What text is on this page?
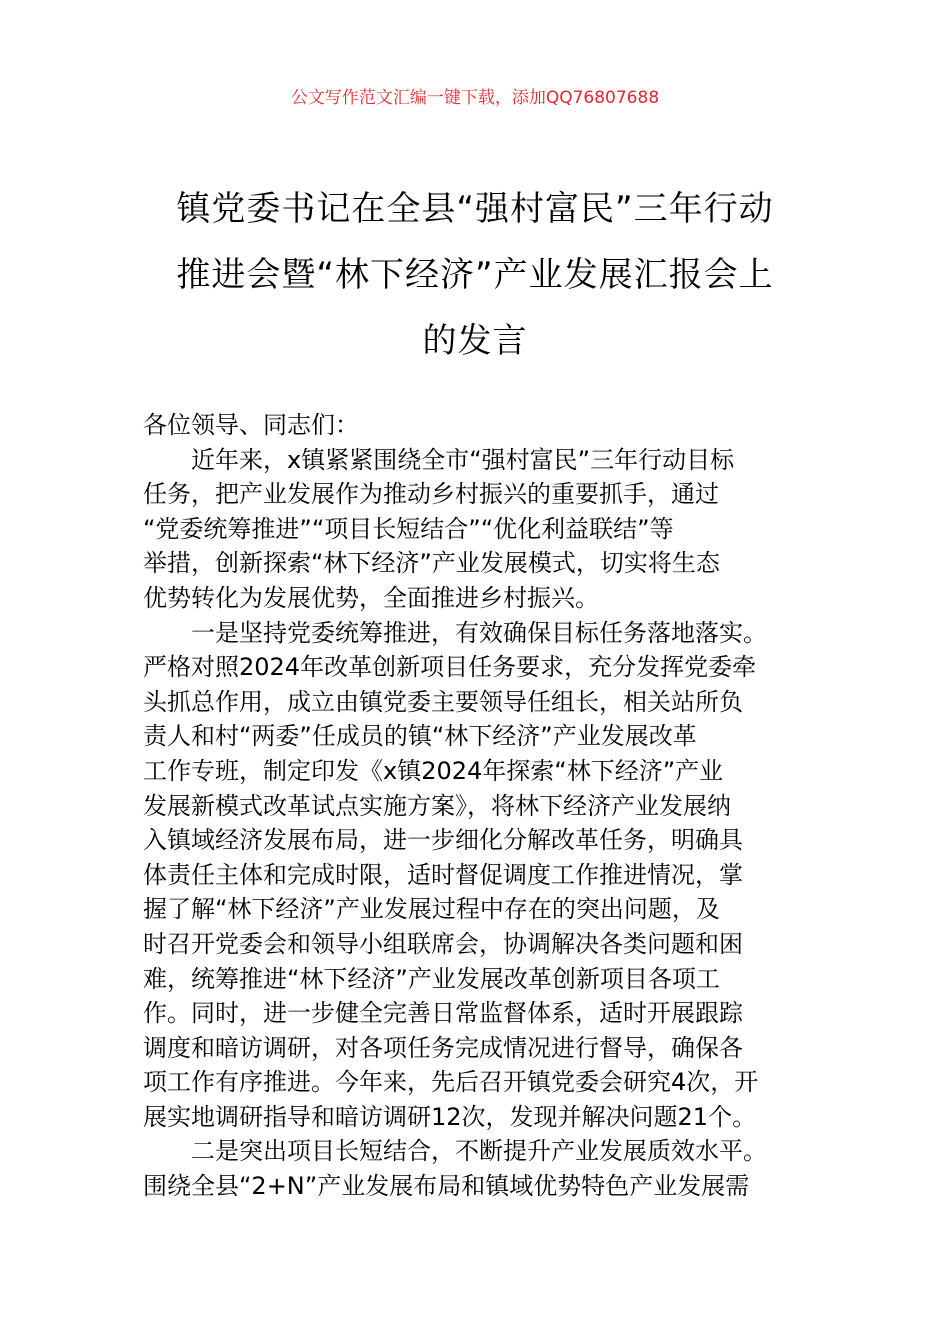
公文写作范文汇编一键下载，添加QQ76807688
镇党委书记在全县“强村富民”三年行动
推进会暨“林下经济”产业发展汇报会上
的发言

各位领导、同志们：

近年来，x镇紧紧围绕全市“强村富民”三年行动目标
任务，把产业发展作为推动乡村振兴的重要抓手，通过
“党委统筹推进”“项目长短结合”“优化利益联结”等
举措，创新探索“林下经济”产业发展模式，切实将生态
优势转化为发展优势，全面推进乡村振兴。

一是坚持党委统筹推进，有效确保目标任务落地落实。
严格对照2024年改革创新项目任务要求，充分发挥党委牵
头抓总作用，成立由镇党委主要领导任组长，相关站所负
责人和村“两委”任成员的镇“林下经济”产业发展改革
工作专班，制定印发《x镇2024年探索“林下经济”产业
发展新模式改革试点实施方案》，将林下经济产业发展纳
入镇域经济发展布局，进一步细化分解改革任务，明确具
体责任主体和完成时限，适时督促调度工作推进情况，掌
握了解“林下经济”产业发展过程中存在的突出问题，及
时召开党委会和领导小组联席会，协调解决各类问题和困
难，统筹推进“林下经济”产业发展改革创新项目各项工
作。同时，进一步健全完善日常监督体系，适时开展跟踪
调度和暗访调研，对各项任务完成情况进行督导，确保各
项工作有序推进。今年来，先后召开镇党委会研究4次，开
展实地调研指导和暗访调研12次，发现并解决问题21个。

二是突出项目长短结合，不断提升产业发展质效水平。
围绕全县“2+N”产业发展布局和镇域优势特色产业发展需
